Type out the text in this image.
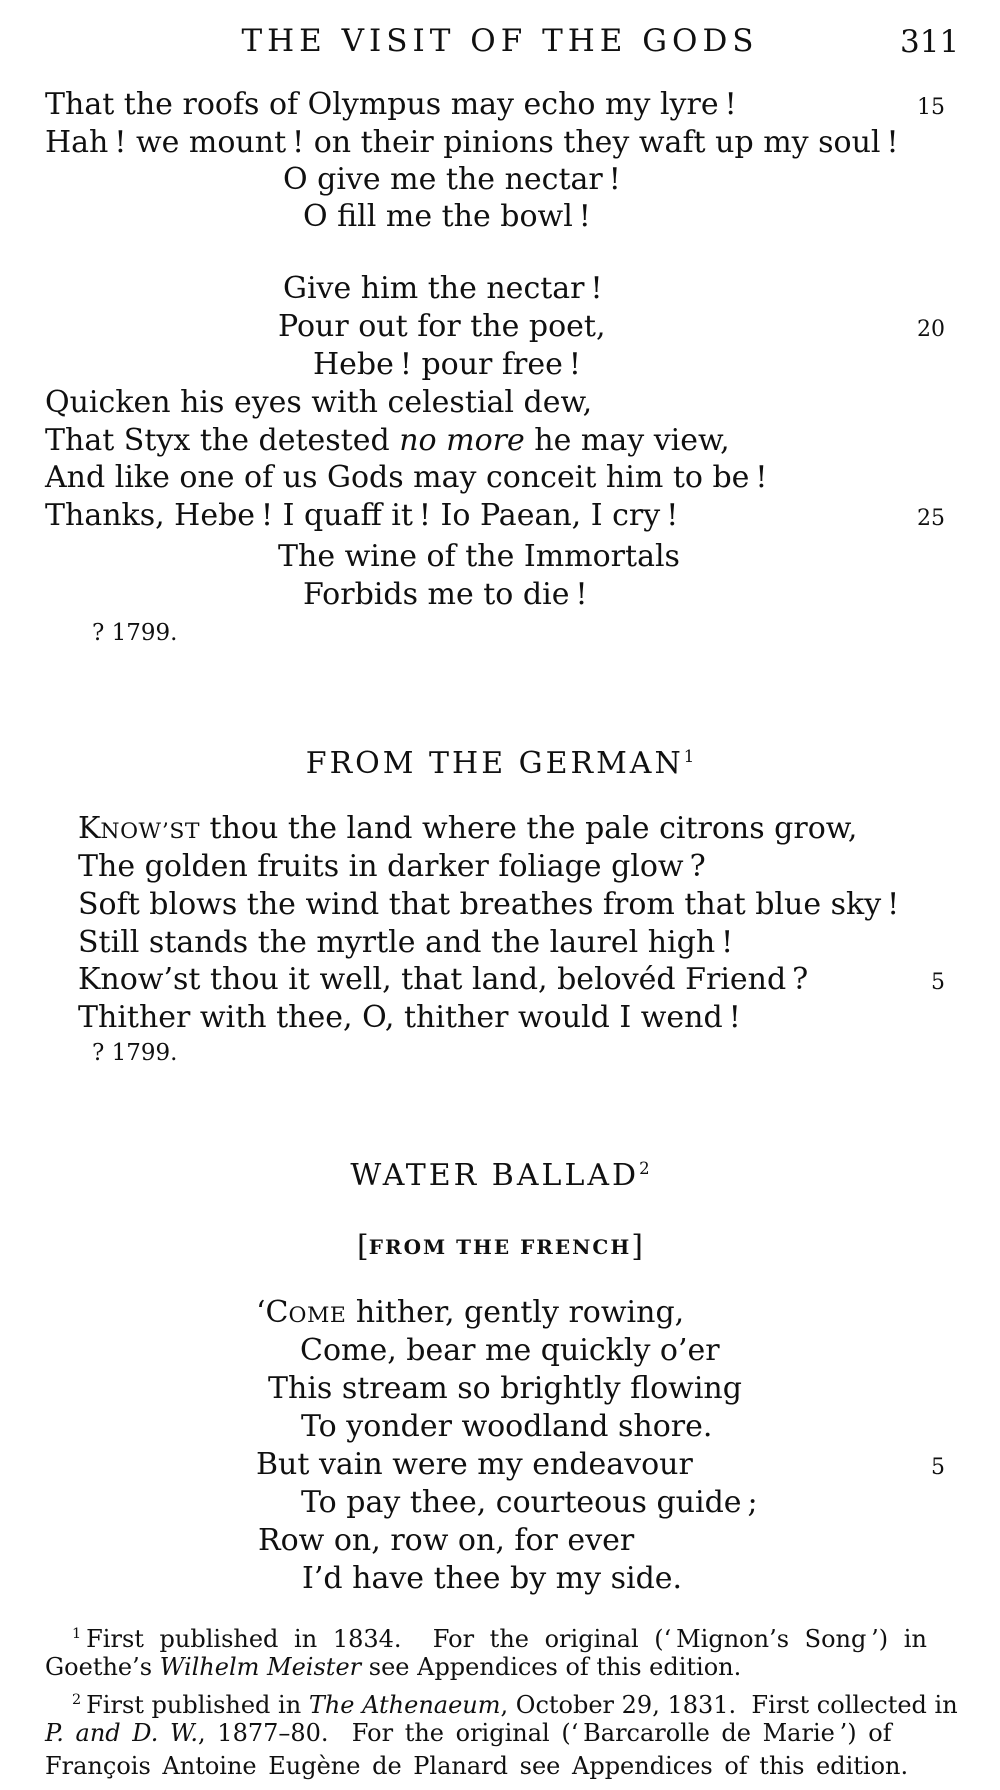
THE VISIT OF THE GODS	311
That the roofs of Olympus may echo my lyre !	15
Hah ! we mount ! on their pinions they waft up my soul !
O give me the nectar !
O fill me the bowl !
Give him the nectar !
Pour out for the poet,	20
Hebe ! pour free !
Quicken his eyes with celestial dew,
That Styx the detested no more he may view,
And like one of us Gods may conceit him to be !
Thanks, Hebe ! I quaff it ! Io Paean, I cry !	25
The wine of the Immortals
Forbids me to die !
? 1799.
FROM THE GERMAN$^1$
KNOW’ST thou the land where the pale citrons grow,
The golden fruits in darker foliage glow ?
Soft blows the wind that breathes from that blue sky !
Still stands the myrtle and the laurel high !
Know’st thou it well, that land, belovéd Friend ?	5
Thither with thee, O, thither would I wend !
? 1799.
WATER BALLAD$^2$
[FROM THE FRENCH]
‘COME hither, gently rowing,
Come, bear me quickly o’er
This stream so brightly flowing
To yonder woodland shore.
But vain were my endeavour	5
To pay thee, courteous guide ;
Row on, row on, for ever
I’d have thee by my side.
$^1$ First published in 1834.  For the original (‘ Mignon’s Song ’) in
Goethe’s Wilhelm Meister see Appendices of this edition.
$^2$ First published in The Athenaeum, October 29, 1831.  First collected in
P. and D. W., 1877–80.  For the original (‘ Barcarolle de Marie ’) of
François Antoine Eugène de Planard see Appendices of this edition.
